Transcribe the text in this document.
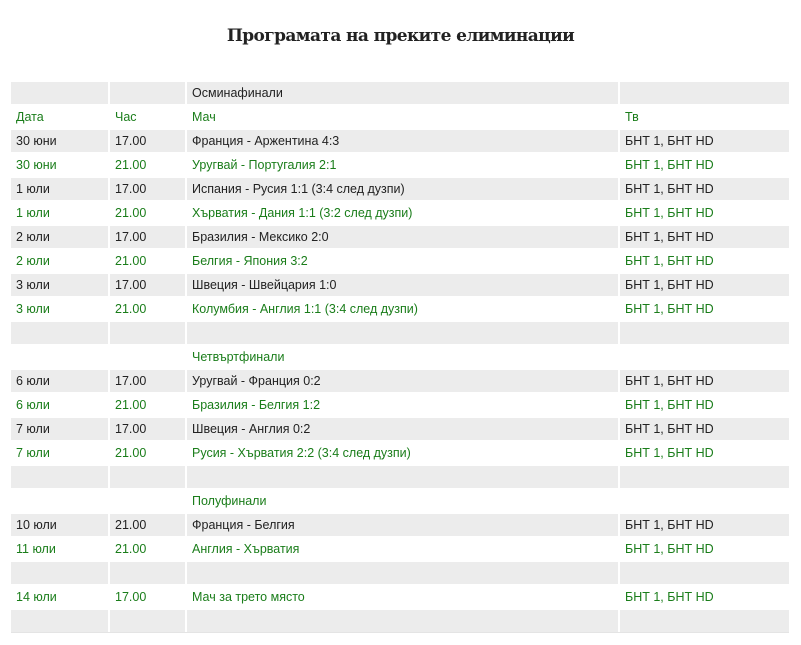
Програмата на преките елиминации
		Осминафинали	
Дата	Час	Мач	Тв
30 юни	17.00	Франция - Аржентина 4:3	БНТ 1, БНТ HD
30 юни	21.00	Уругвай - Португалия 2:1	БНТ 1, БНТ HD
1 юли	17.00	Испания - Русия 1:1 (3:4 след дузпи)	БНТ 1, БНТ HD
1 юли	21.00	Хърватия - Дания 1:1 (3:2 след дузпи)	БНТ 1, БНТ HD
2 юли	17.00	Бразилия - Мексико 2:0	БНТ 1, БНТ HD
2 юли	21.00	Белгия - Япония 3:2	БНТ 1, БНТ HD
3 юли	17.00	Швеция - Швейцария 1:0	БНТ 1, БНТ HD
3 юли	21.00	Колумбия - Англия 1:1 (3:4 след дузпи)	БНТ 1, БНТ HD

		Четвъртфинали	
6 юли	17.00	Уругвай - Франция 0:2	БНТ 1, БНТ HD
6 юли	21.00	Бразилия - Белгия 1:2	БНТ 1, БНТ HD
7 юли	17.00	Швеция - Англия 0:2	БНТ 1, БНТ HD
7 юли	21.00	Русия - Хърватия 2:2 (3:4 след дузпи)	БНТ 1, БНТ HD

		Полуфинали	
10 юли	21.00	Франция - Белгия	БНТ 1, БНТ HD
11 юли	21.00	Англия - Хърватия	БНТ 1, БНТ HD

14 юли	17.00	Мач за трето място	БНТ 1, БНТ HD
